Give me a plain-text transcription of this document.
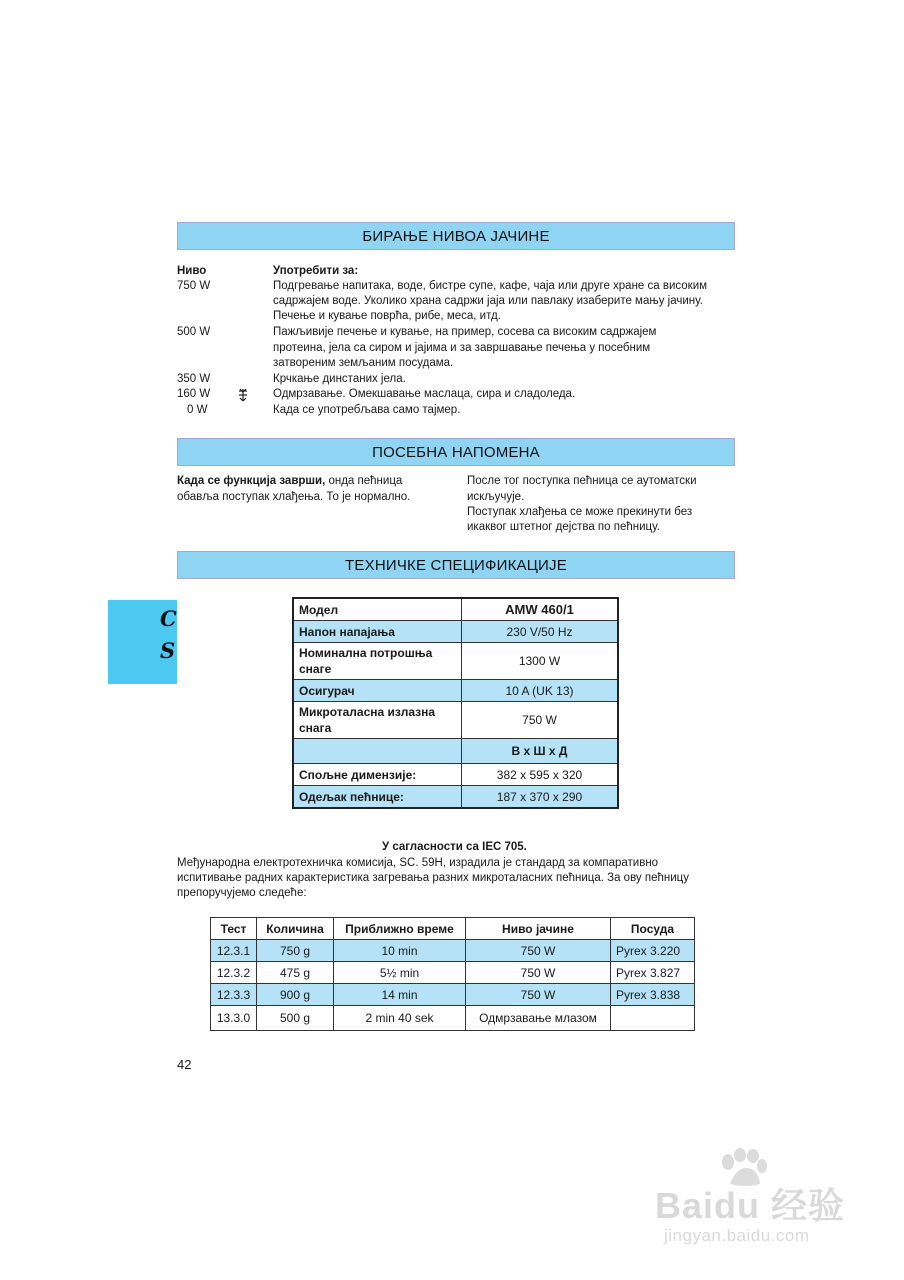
БИРАЊЕ НИВОА ЈАЧИНЕ
Ниво	Употребити за:
750 W	Подгревање напитака, воде, бистре супе, кафе, чаја или друге хране са високим
садржајем воде. Уколико храна садржи јаја или павлаку изаберите мању јачину.
Печење и кување поврћа, рибе, меса, итд.
500 W	Пажљивије печење и кување, на пример, сосева са високим садржајем
протеина, јела са сиром и јајима и за завршавање печења у посебним
затвореним земљаним посудама.
350 W	Крчкање динстаних јела.
160 W	Одмрзавање. Омекшавање маслаца, сира и сладоледа.
0 W	Када се употребљава само тајмер.
ПОСЕБНА НАПОМЕНА
Када се функција заврши, онда пећница
обавља поступак хлађења. То је нормално.
После тог поступка пећница се аутоматски
искључује.
Поступак хлађења се може прекинути без
икаквог штетног дејства по пећницу.
ТЕХНИЧКЕ СПЕЦИФИКАЦИЈЕ
C
S
Модел	AMW 460/1
Напон напајања	230 V/50 Hz
Номинална потрошња
снаге	1300 W
Осигурач	10 A (UK 13)
Микроталасна излазна
снага	750 W
	В x Ш x Д
Спољне димензије:	382 x 595 x 320
Одељак пећнице:	187 x 370 x 290
У сагласности са IEC 705.
Међународна електротехничка комисија, SC. 59H, израдила је стандард за компаративно
испитивање радних карактеристика загревања разних микроталасних пећница. За ову пећницу
препоручујемо следеће:
Тест	Количина	Приближно време	Ниво јачине	Посуда
12.3.1	750 g	10 min	750 W	Pyrex 3.220
12.3.2	475 g	5½ min	750 W	Pyrex 3.827
12.3.3	900 g	14 min	750 W	Pyrex 3.838
13.3.0	500 g	2 min 40 sek	Одмрзавање млазом	
42
Baidu 经验
jingyan.baidu.com
